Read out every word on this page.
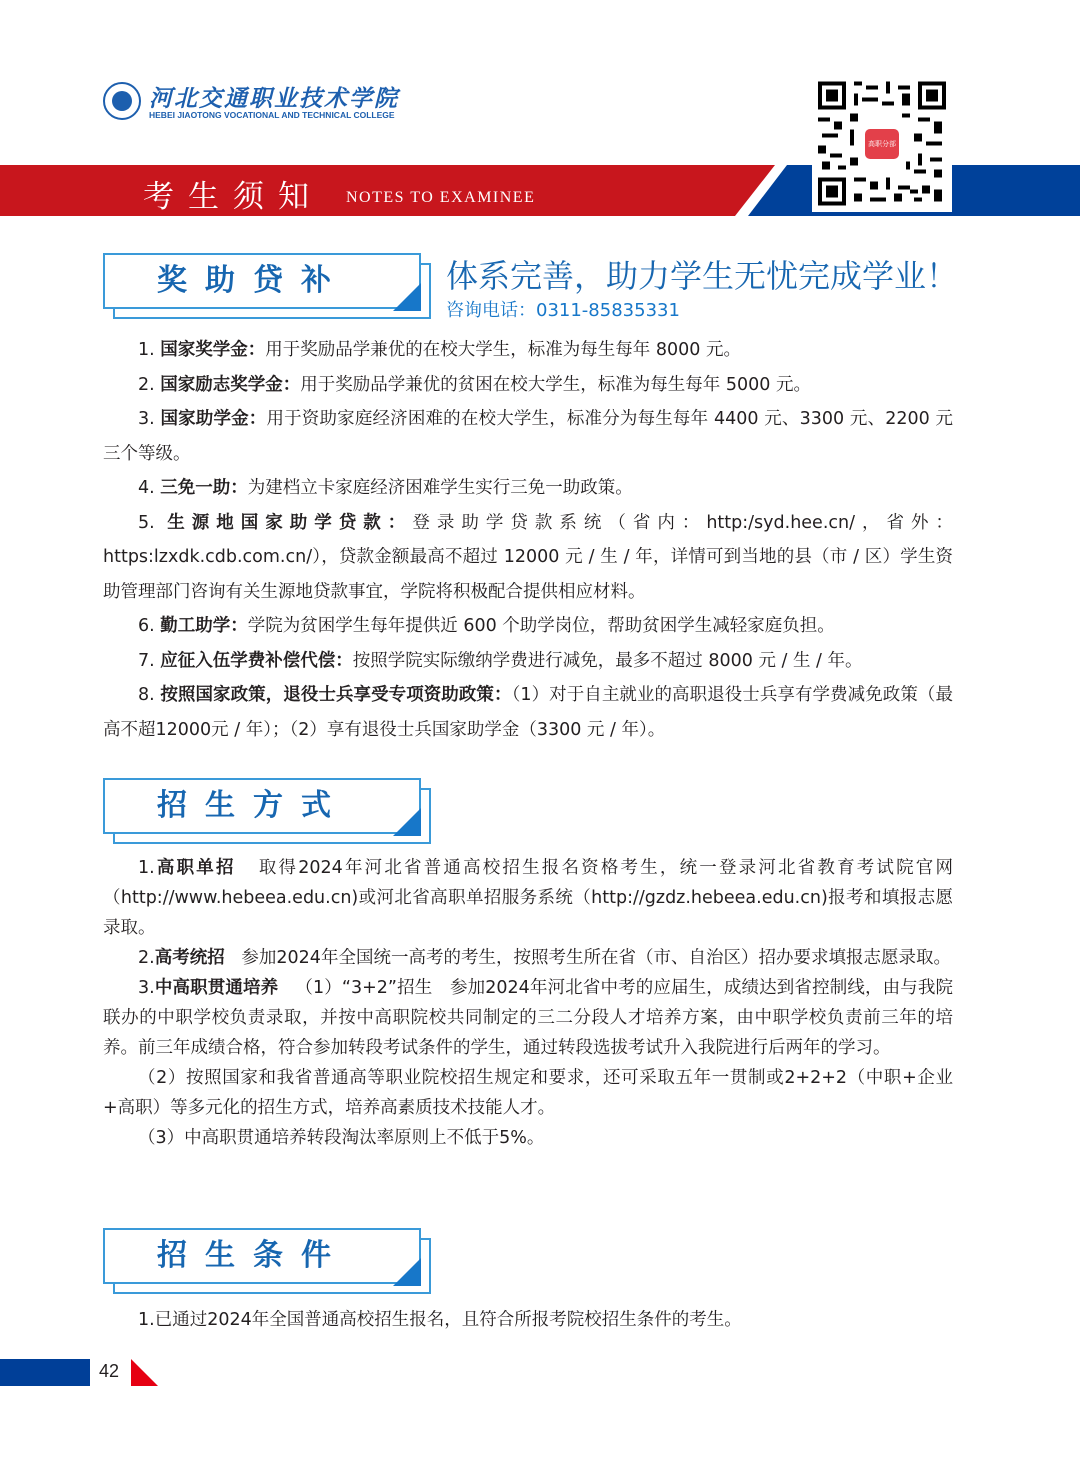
河北交通职业技术学院
HEBEI JIAOTONG VOCATIONAL AND TECHNICAL COLLEGE
考生须知 NOTES TO EXAMINEE
高职分部
奖助贷补	体系完善，助力学生无忧完成学业！
咨询电话：0311-85835331
1. 国家奖学金：用于奖励品学兼优的在校大学生，标准为每生每年 8000 元。
2. 国家励志奖学金：用于奖励品学兼优的贫困在校大学生，标准为每生每年 5000 元。
3. 国家助学金：用于资助家庭经济困难的在校大学生，标准分为每生每年 4400 元、3300 元、2200 元三个等级。
4. 三免一助：为建档立卡家庭经济困难学生实行三免一助政策。
5. 生源地国家助学贷款：登录助学贷款系统（省内：http:/syd.hee.cn/，省外：https:lzxdk.cdb.com.cn/），贷款金额最高不超过 12000 元 / 生 / 年，详情可到当地的县（市 / 区）学生资助管理部门咨询有关生源地贷款事宜，学院将积极配合提供相应材料。
6. 勤工助学：学院为贫困学生每年提供近 600 个助学岗位，帮助贫困学生减轻家庭负担。
7. 应征入伍学费补偿代偿：按照学院实际缴纳学费进行减免，最多不超过 8000 元 / 生 / 年。
8. 按照国家政策，退役士兵享受专项资助政策：（1）对于自主就业的高职退役士兵享有学费减免政策（最高不超12000元 / 年）；（2）享有退役士兵国家助学金（3300 元 / 年）。
招生方式
1.高职单招 取得2024年河北省普通高校招生报名资格考生，统一登录河北省教育考试院官网（http://www.hebeea.edu.cn)或河北省高职单招服务系统（http://gzdz.hebeea.edu.cn)报考和填报志愿录取。
2.高考统招 参加2024年全国统一高考的考生，按照考生所在省（市、自治区）招办要求填报志愿录取。
3.中高职贯通培养 （1）“3+2”招生　参加2024年河北省中考的应届生，成绩达到省控制线，由与我院联办的中职学校负责录取，并按中高职院校共同制定的三二分段人才培养方案，由中职学校负责前三年的培养。前三年成绩合格，符合参加转段考试条件的学生，通过转段选拔考试升入我院进行后两年的学习。
（2）按照国家和我省普通高等职业院校招生规定和要求，还可采取五年一贯制或2+2+2（中职+企业+高职）等多元化的招生方式，培养高素质技术技能人才。
（3）中高职贯通培养转段淘汰率原则上不低于5%。
招生条件
1.已通过2024年全国普通高校招生报名，且符合所报考院校招生条件的考生。
42
